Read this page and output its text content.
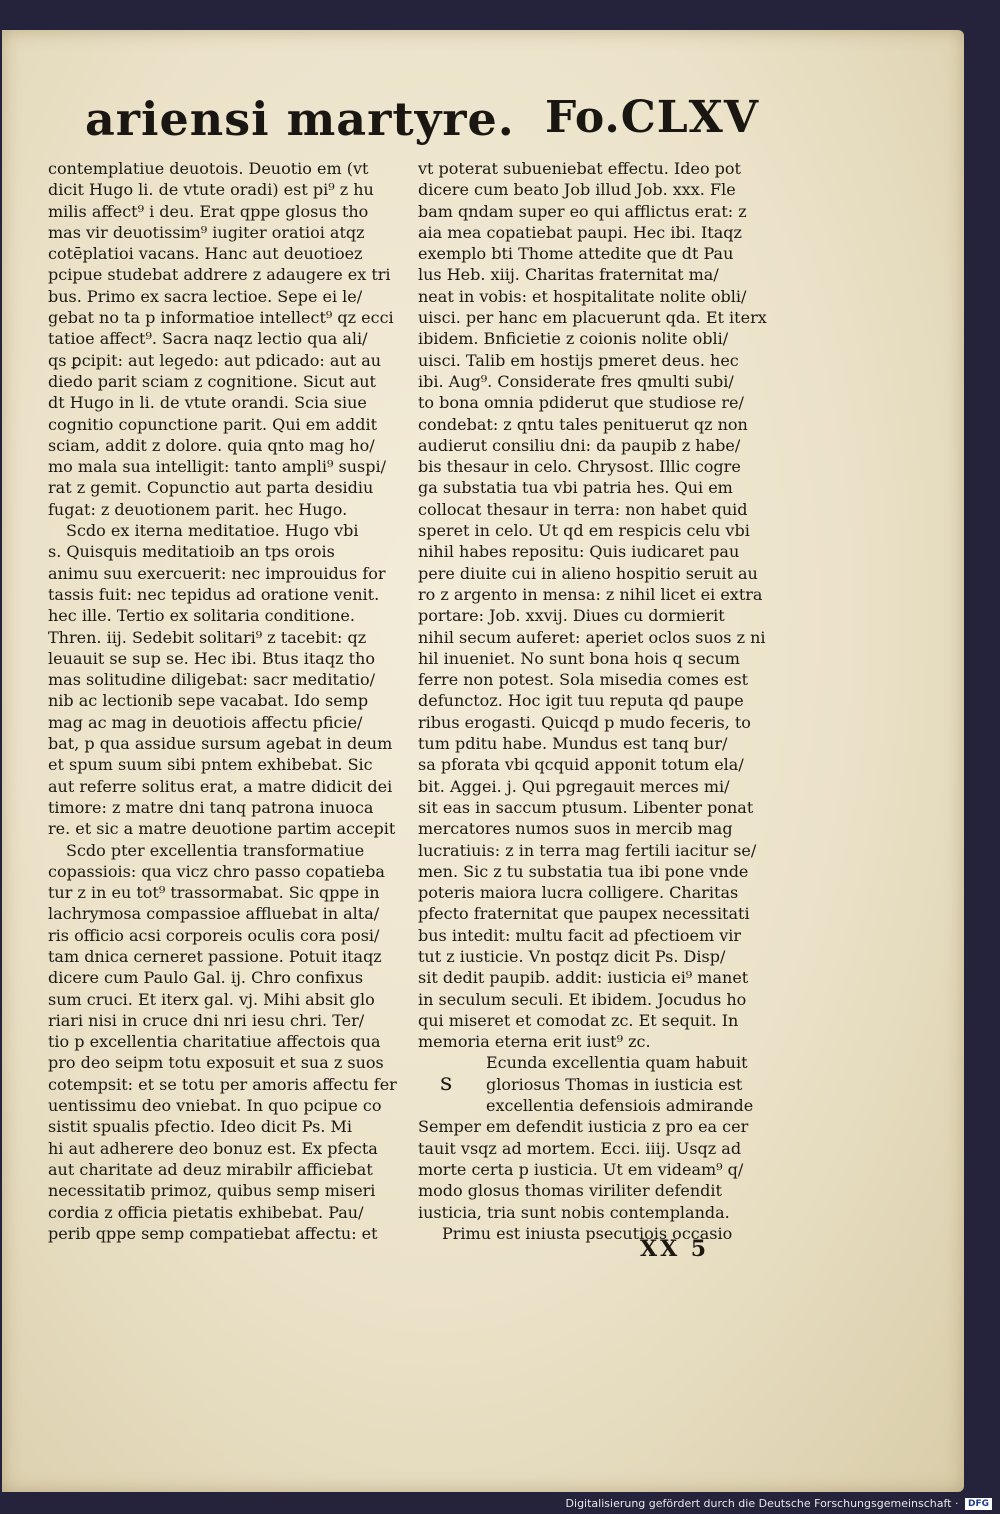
ariensi martyre. Fo.CLXV
contemplatiue deuotois. Deuotio em (vt
dicit Hugo li. de vtute oradi) est pi⁹ z hu
milis affect⁹ i deu. Erat qppe glosus tho
mas vir deuotissim⁹ iugiter oratioi atqz
cotēplatioi vacans. Hanc aut deuotioez
pcipue studebat addrere z adaugere ex tri
bus. Primo ex sacra lectioe. Sepe ei le/
gebat no ta p informatioe intellect⁹ qz ecci
tatioe affect⁹. Sacra naqz lectio qua ali/
qs ꝑcipit: aut legedo: aut pdicado: aut au
diedo parit sciam z cognitione. Sicut aut
dt Hugo in li. de vtute orandi. Scia siue
cognitio copunctione parit. Qui em addit
sciam, addit z dolore. quia qnto mag ho/
mo mala sua intelligit: tanto ampli⁹ suspi/
rat z gemit. Copunctio aut parta desidiu
fugat: z deuotionem parit. hec Hugo.
Scdo ex iterna meditatioe. Hugo vbi
s. Quisquis meditatioib an tps orois
animu suu exercuerit: nec improuidus for
tassis fuit: nec tepidus ad oratione venit.
hec ille. Tertio ex solitaria conditione.
Thren. iij. Sedebit solitari⁹ z tacebit: qz
leuauit se sup se. Hec ibi. Btus itaqz tho
mas solitudine diligebat: sacr meditatio/
nib ac lectionib sepe vacabat. Ido semp
mag ac mag in deuotiois affectu pficie/
bat, p qua assidue sursum agebat in deum
et spum suum sibi pntem exhibebat. Sic
aut referre solitus erat, a matre didicit dei
timore: z matre dni tanq patrona inuoca
re. et sic a matre deuotione partim accepit
Scdo pter excellentia transformatiue
copassiois: qua vicz chro passo copatieba
tur z in eu tot⁹ trassormabat. Sic qppe in
lachrymosa compassioe affluebat in alta/
ris officio acsi corporeis oculis cora posi/
tam dnica cerneret passione. Potuit itaqz
dicere cum Paulo Gal. ij. Chro confixus
sum cruci. Et iterx gal. vj. Mihi absit glo
riari nisi in cruce dni nri iesu chri. Ter/
tio p excellentia charitatiue affectois qua
pro deo seipm totu exposuit et sua z suos
cotempsit: et se totu per amoris affectu fer
uentissimu deo vniebat. In quo pcipue co
sistit spualis pfectio. Ideo dicit Ps. Mi
hi aut adherere deo bonuz est. Ex pfecta
aut charitate ad deuz mirabilr afficiebat
necessitatib primoz, quibus semp miseri
cordia z officia pietatis exhibebat. Pau/
perib qppe semp compatiebat affectu: et
vt poterat subueniebat effectu. Ideo pot
dicere cum beato Job illud Job. xxx. Fle
bam qndam super eo qui afflictus erat: z
aia mea copatiebat paupi. Hec ibi. Itaqz
exemplo bti Thome attedite que dt Pau
lus Heb. xiij. Charitas fraternitat ma/
neat in vobis: et hospitalitate nolite obli/
uisci. per hanc em placuerunt qda. Et iterx
ibidem. Bnficietie z coionis nolite obli/
uisci. Talib em hostijs pmeret deus. hec
ibi. Aug⁹. Considerate fres qmulti subi/
to bona omnia pdiderut que studiose re/
condebat: z qntu tales penituerut qz non
audierut consiliu dni: da paupib z habe/
bis thesaur in celo. Chrysost. Illic cogre
ga substatia tua vbi patria hes. Qui em
collocat thesaur in terra: non habet quid
speret in celo. Ut qd em respicis celu vbi
nihil habes repositu: Quis iudicaret pau
pere diuite cui in alieno hospitio seruit au
ro z argento in mensa: z nihil licet ei extra
portare: Job. xxvij. Diues cu dormierit
nihil secum auferet: aperiet oclos suos z ni
hil inueniet. No sunt bona hois q secum
ferre non potest. Sola misedia comes est
defunctoz. Hoc igit tuu reputa qd paupe
ribus erogasti. Quicqd p mudo feceris, to
tum pditu habe. Mundus est tanq bur/
sa pforata vbi qcquid apponit totum ela/
bit. Aggei. j. Qui pgregauit merces mi/
sit eas in saccum ptusum. Libenter ponat
mercatores numos suos in mercib mag
lucratiuis: z in terra mag fertili iacitur se/
men. Sic z tu substatia tua ibi pone vnde
poteris maiora lucra colligere. Charitas
pfecto fraternitat que paupex necessitati
bus intedit: multu facit ad pfectioem vir
tut z iusticie. Vn postqz dicit Ps. Disp/
sit dedit paupib. addit: iusticia ei⁹ manet
in seculum seculi. Et ibidem. Jocudus ho
qui miseret et comodat zc. Et sequit. In
memoria eterna erit iust⁹ zc.
Ecunda excellentia quam habuit
gloriosus Thomas in iusticia est
excellentia defensiois admirande
Semper em defendit iusticia z pro ea cer
tauit vsqz ad mortem. Ecci. iiij. Usqz ad
morte certa p iusticia. Ut em videam⁹ q/
modo glosus thomas viriliter defendit
iusticia, tria sunt nobis contemplanda.
Primu est iniusta psecutiois occasio
s
XX 5
Digitalisierung gefördert durch die Deutsche Forschungsgemeinschaft · DFG
